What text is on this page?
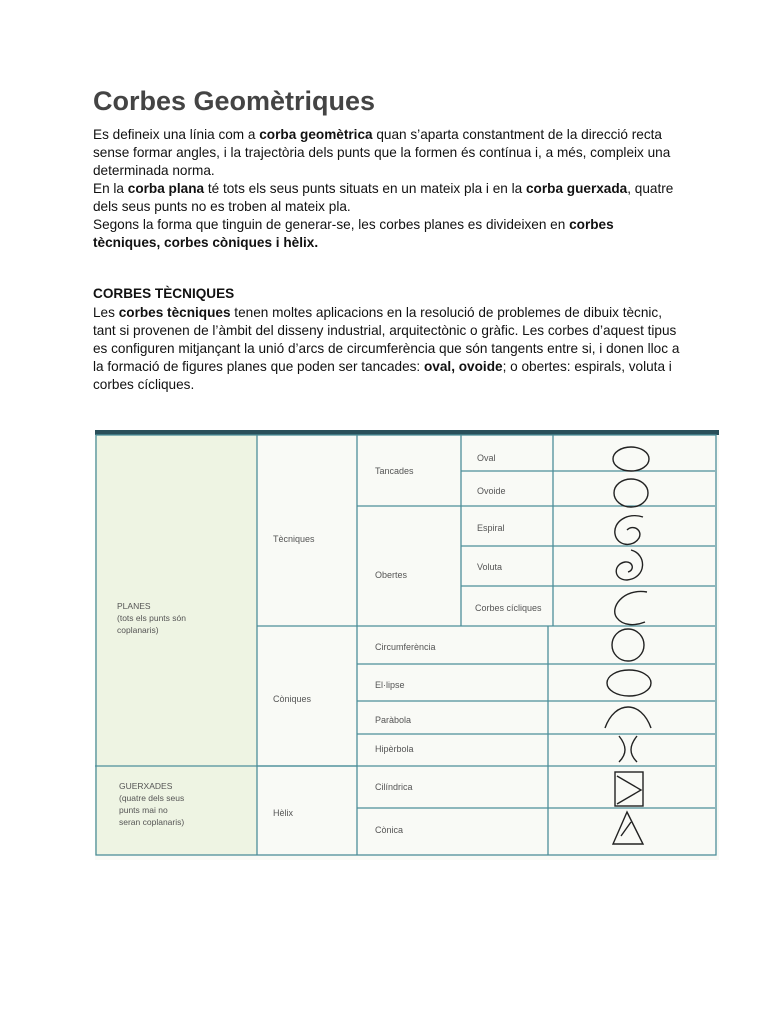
Corbes Geomètriques

Es defineix una línia com a corba geomètrica quan s’aparta constantment de la direcció recta sense formar angles, i la trajectòria dels punts que la formen és contínua i, a més, compleix una determinada norma.
En la corba plana té tots els seus punts situats en un mateix pla i en la corba guerxada, quatre dels seus punts no es troben al mateix pla.
Segons la forma que tinguin de generar-se, les corbes planes es divideixen en corbes tècniques, corbes còniques i hèlix.

CORBES TÈCNIQUES

Les corbes tècniques tenen moltes aplicacions en la resolució de problemes de dibuix tècnic, tant si provenen de l’àmbit del disseny industrial, arquitectònic o gràfic. Les corbes d’aquest tipus es configuren mitjançant la unió d’arcs de circumferència que són tangents entre si, i donen lloc a la formació de figures planes que poden ser tancades: oval, ovoide; o obertes: espirals, voluta i corbes cícliques.

PLANES
(tots els punts són
coplanaris)
GUERXADES
(quatre dels seus
punts mai no
seran coplanaris)
Tècniques
Còniques
Hèlix
Tancades
Obertes
Oval
Ovoide
Espiral
Voluta
Corbes cícliques
Circumferència
El·lipse
Paràbola
Hipèrbola
Cilíndrica
Cònica
